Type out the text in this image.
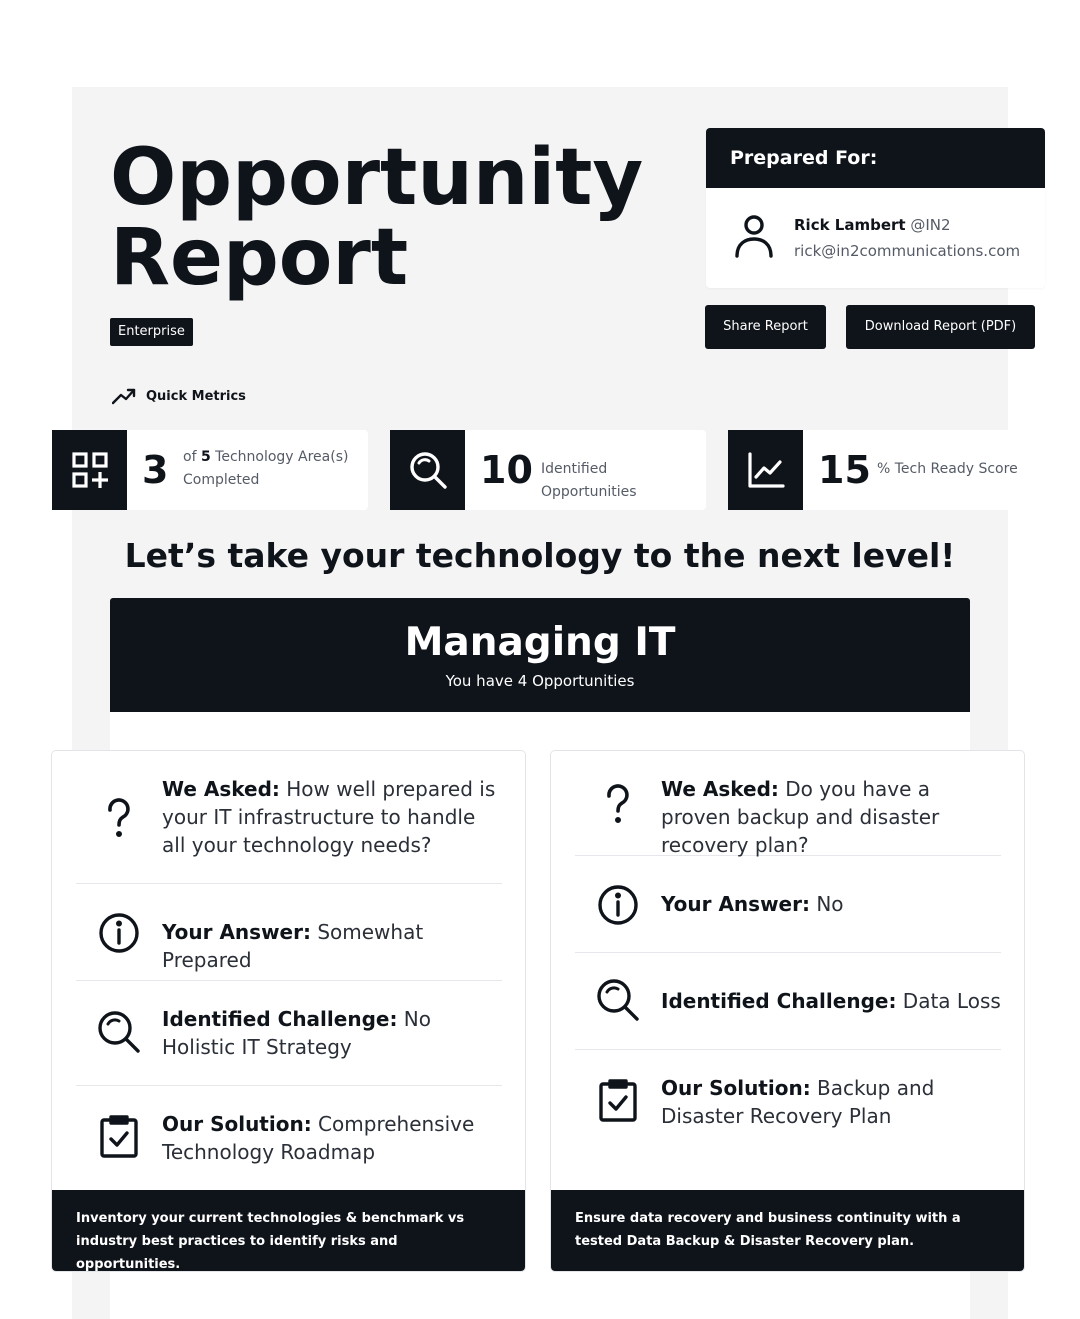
Opportunity
Report
Enterprise
Prepared For:
Rick Lambert @IN2
rick@in2communications.com
Share Report	Download Report (PDF)
Quick Metrics
3 of 5 Technology Area(s)
Completed	10 Identified Opportunities	15 % Tech Ready Score
Let’s take your technology to the next level!
Managing IT
You have 4 Opportunities
We Asked: How well prepared is your IT infrastructure to handle all your technology needs?
Your Answer: Somewhat Prepared
Identified Challenge: No Holistic IT Strategy
Our Solution: Comprehensive Technology Roadmap
Inventory your current technologies & benchmark vs industry best practices to identify risks and opportunities.
We Asked: Do you have a proven backup and disaster recovery plan?
Your Answer: No
Identified Challenge: Data Loss
Our Solution: Backup and Disaster Recovery Plan
Ensure data recovery and business continuity with a tested Data Backup & Disaster Recovery plan.
